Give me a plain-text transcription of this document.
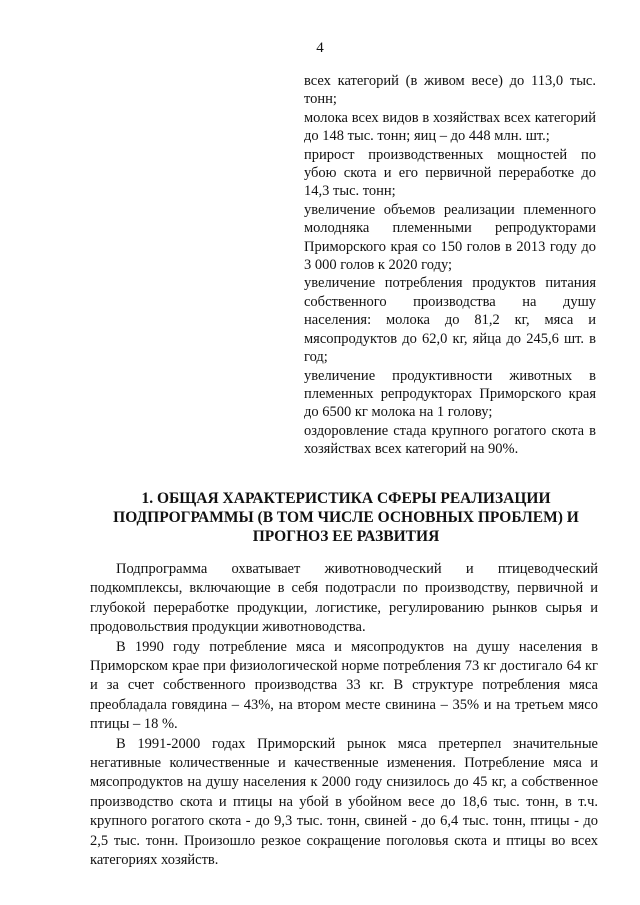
4

всех категорий (в живом весе) до 113,0 тыс. тонн;

молока всех видов в хозяйствах всех категорий до 148 тыс. тонн; яиц – до 448 млн. шт.;

прирост производственных мощностей по убою скота и его первичной переработке до 14,3 тыс. тонн;

увеличение объемов реализации племенного молодняка племенными репродукторами Приморского края со 150 голов в 2013 году до 3 000 голов к 2020 году;

увеличение потребления продуктов питания собственного производства на душу населения: молока до 81,2 кг, мяса и мясопродуктов до 62,0 кг, яйца до 245,6 шт. в год;

увеличение продуктивности животных в племенных репродукторах Приморского края до 6500 кг молока на 1 голову;

оздоровление стада крупного рогатого скота в хозяйствах всех категорий на 90%.

1. ОБЩАЯ ХАРАКТЕРИСТИКА СФЕРЫ РЕАЛИЗАЦИИ
ПОДПРОГРАММЫ (В ТОМ ЧИСЛЕ ОСНОВНЫХ ПРОБЛЕМ) И
ПРОГНОЗ ЕЕ РАЗВИТИЯ

Подпрограмма охватывает животноводческий и птицеводческий подкомплексы, включающие в себя подотрасли по производству, первичной и глубокой переработке продукции, логистике, регулированию рынков сырья и продовольствия продукции животноводства.

В 1990 году потребление мяса и мясопродуктов на душу населения в Приморском крае при физиологической норме потребления 73 кг достигало 64 кг и за счет собственного производства 33 кг. В структуре потребления мяса преобладала говядина – 43%, на втором месте свинина – 35% и на третьем мясо птицы – 18 %.

В 1991-2000 годах Приморский рынок мяса претерпел значительные негативные количественные и качественные изменения. Потребление мяса и мясопродуктов на душу населения к 2000 году снизилось до 45 кг, а собственное производство скота и птицы на убой в убойном весе до 18,6 тыс. тонн, в т.ч. крупного рогатого скота - до 9,3 тыс. тонн, свиней - до 6,4 тыс. тонн, птицы - до 2,5 тыс. тонн. Произошло резкое сокращение поголовья скота и птицы во всех категориях хозяйств.
